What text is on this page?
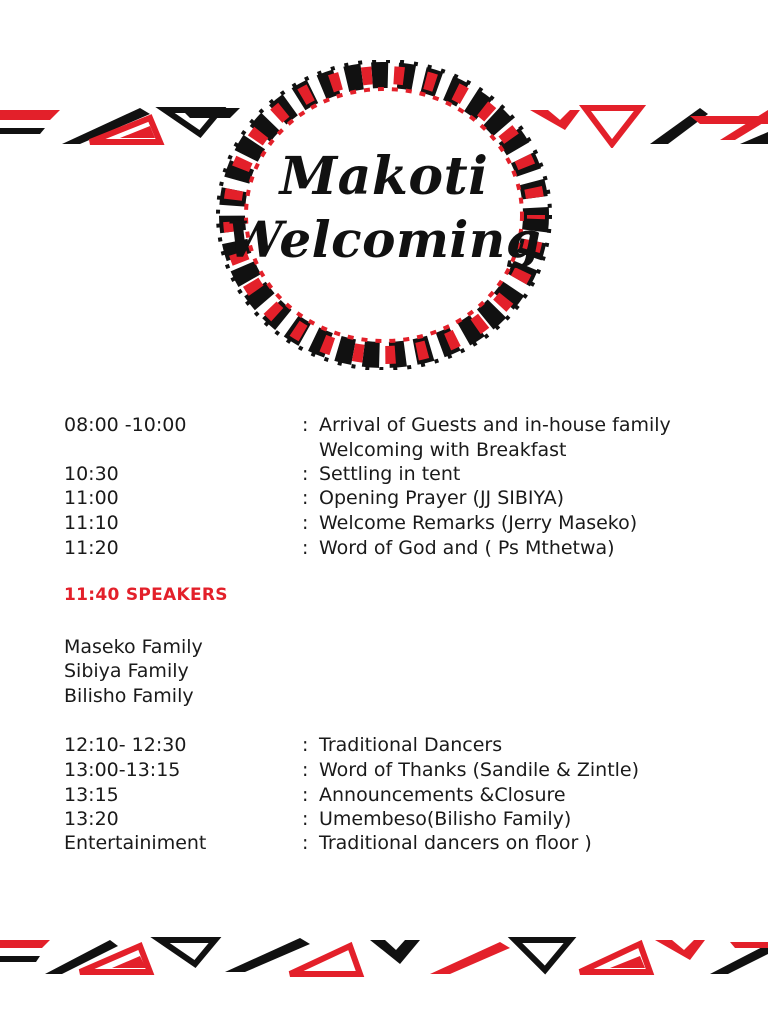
Makoti
Welcoming
08:00 -10:00	: Arrival of Guests and in-house family
Welcoming with Breakfast
10:30	: Settling in tent
11:00	: Opening Prayer (JJ SIBIYA)
11:10	: Welcome Remarks (Jerry Maseko)
11:20	: Word of God and ( Ps Mthetwa)
11:40 SPEAKERS
Maseko Family
Sibiya Family
Bilisho Family
12:10- 12:30	: Traditional Dancers
13:00-13:15	: Word of Thanks (Sandile & Zintle)
13:15	: Announcements &Closure
13:20	: Umembeso(Bilisho Family)
Entertainiment	: Traditional dancers on floor )
